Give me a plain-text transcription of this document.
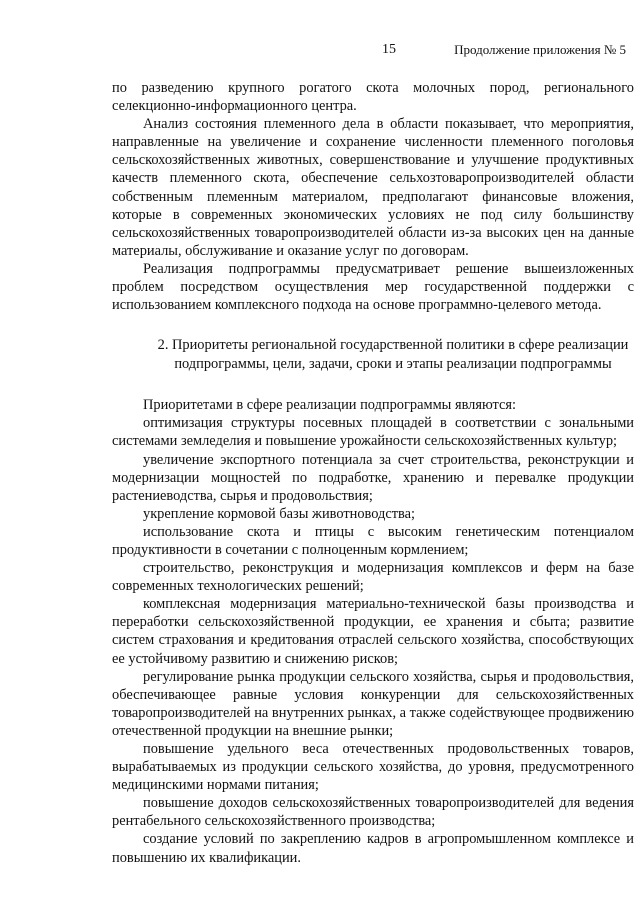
15	Продолжение приложения № 5

по разведению крупного рогатого скота молочных пород, регионального селекционно-информационного центра.

Анализ состояния племенного дела в области показывает, что мероприятия, направленные на увеличение и сохранение численности племенного поголовья сельскохозяйственных животных, совершенствование и улучшение продуктивных качеств племенного скота, обеспечение сельхозтоваропроизводителей области собственным племенным материалом, предполагают финансовые вложения, которые в современных экономических условиях не под силу большинству сельскохозяйственных товаропроизводителей области из-за высоких цен на данные материалы, обслуживание и оказание услуг по договорам.

Реализация подпрограммы предусматривает решение вышеизложенных проблем посредством осуществления мер государственной поддержки с использованием комплексного подхода на основе программно-целевого метода.

2. Приоритеты региональной государственной политики в сфере реализации подпрограммы, цели, задачи, сроки и этапы реализации подпрограммы

Приоритетами в сфере реализации подпрограммы являются:

оптимизация структуры посевных площадей в соответствии с зональными системами земледелия и повышение урожайности сельскохозяйственных культур;

увеличение экспортного потенциала за счет строительства, реконструкции и модернизации мощностей по подработке, хранению и перевалке продукции растениеводства, сырья и продовольствия;

укрепление кормовой базы животноводства;

использование скота и птицы с высоким генетическим потенциалом продуктивности в сочетании с полноценным кормлением;

строительство, реконструкция и модернизация комплексов и ферм на базе современных технологических решений;

комплексная модернизация материально-технической базы производства и переработки сельскохозяйственной продукции, ее хранения и сбыта; развитие систем страхования и кредитования отраслей сельского хозяйства, способствующих ее устойчивому развитию и снижению рисков;

регулирование рынка продукции сельского хозяйства, сырья и продовольствия, обеспечивающее равные условия конкуренции для сельскохозяйственных товаропроизводителей на внутренних рынках, а также содействующее продвижению отечественной продукции на внешние рынки;

повышение удельного веса отечественных продовольственных товаров, вырабатываемых из продукции сельского хозяйства, до уровня, предусмотренного медицинскими нормами питания;

повышение доходов сельскохозяйственных товаропроизводителей для ведения рентабельного сельскохозяйственного производства;

создание условий по закреплению кадров в агропромышленном комплексе и повышению их квалификации.
